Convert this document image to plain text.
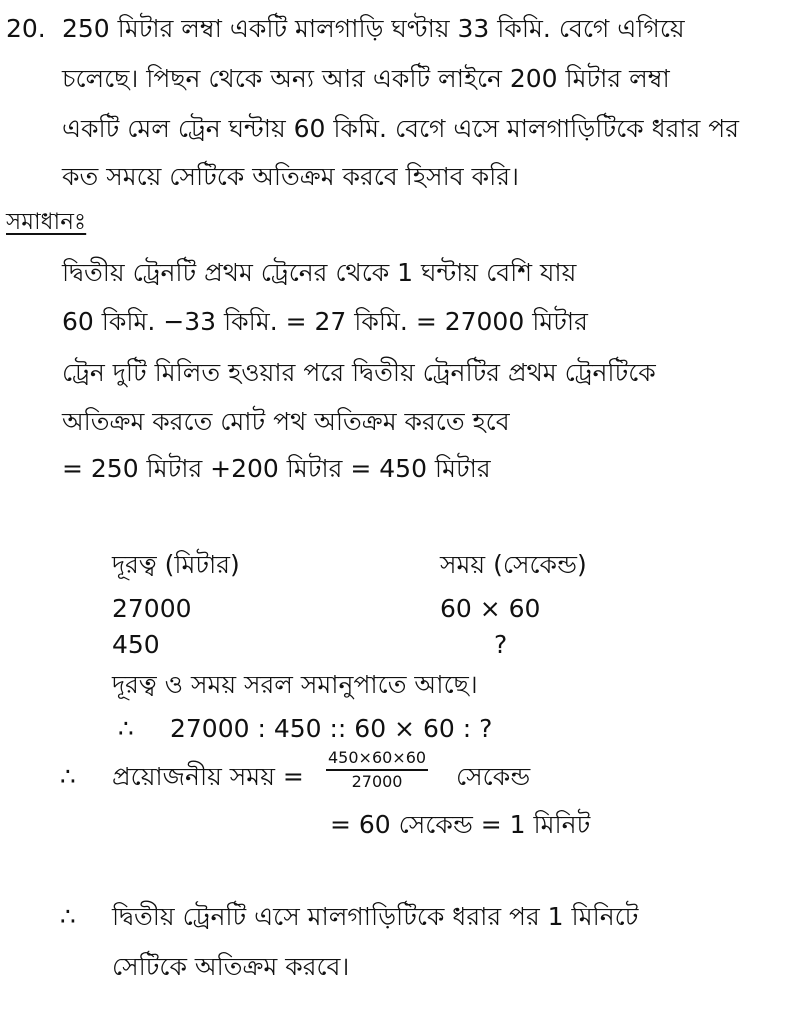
20. 250 মিটার লম্বা একটি মালগাড়ি ঘণ্টায় 33 কিমি. বেগে এগিয়ে
চলেছে। পিছন থেকে অন্য আর একটি লাইনে 200 মিটার লম্বা
একটি মেল ট্রেন ঘন্টায় 60 কিমি. বেগে এসে মালগাড়িটিকে ধরার পর
কত সময়ে সেটিকে অতিক্রম করবে হিসাব করি।
সমাধানঃ
দ্বিতীয় ট্রেনটি প্রথম ট্রেনের থেকে 1 ঘন্টায় বেশি যায়
60 কিমি. −33 কিমি. = 27 কিমি. = 27000 মিটার
ট্রেন দুটি মিলিত হওয়ার পরে দ্বিতীয় ট্রেনটির প্রথম ট্রেনটিকে
অতিক্রম করতে মোট পথ অতিক্রম করতে হবে
= 250 মিটার +200 মিটার = 450 মিটার
দূরত্ব (মিটার)	সময় (সেকেন্ড)
27000	60 × 60
450	?
দূরত্ব ও সময় সরল সমানুপাতে আছে।
∴ 27000 : 450 :: 60 × 60 : ?
∴ প্রয়োজনীয় সময় = $\frac{450\times 60\times 60}{27000}$ সেকেন্ড
= 60 সেকেন্ড = 1 মিনিট
∴ দ্বিতীয় ট্রেনটি এসে মালগাড়িটিকে ধরার পর 1 মিনিটে
সেটিকে অতিক্রম করবে।
